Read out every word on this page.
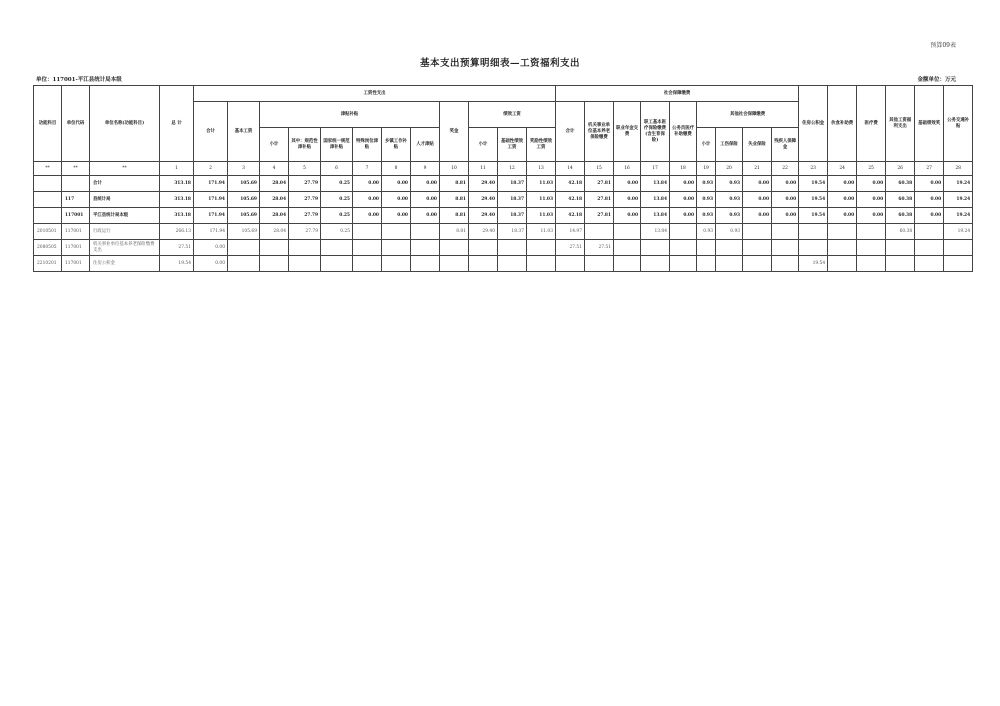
预算09表
基本支出预算明细表—工资福利支出
单位：117001-平江县统计局本级	金额单位：万元
功能科目	单位代码	单位名称(功能科目)	总 计	工资性支出												社会保障缴费									住房公积金	伙食补助费	医疗费	其他工资福利支出	基础绩效奖	公务交通补贴
				合计	基本工资	津贴补贴						奖金	绩效工资			合计	机关事业单位基本养老保险缴费	职业年金交费	职工基本医疗保险缴费(含生育保险)	公务员医疗补助缴费	其他社会保障缴费									
						小计	其中：规范性津补贴	国家统一规范津补贴	特殊岗位津贴	乡镇工作补贴	人才津贴		小计	基础性绩效工资	奖励性绩效工资						小计	工伤保险	失业保险	残疾人保障金						
**	**	**	1	2	3	4	5	6	7	8	9	10	11	12	13	14	15	16	17	18	19	20	21	22	23	24	25	26	27	28
		合计	313.18	171.94	105.69	28.04	27.79	0.25	0.00	0.00	0.00	8.81	29.40	18.37	11.03	42.18	27.81	0.00	13.84	0.00	0.93	0.93	0.00	0.00	19.54	0.00	0.00	60.38	0.00	19.24
	117	县统计局	313.18	171.94	105.69	28.04	27.79	0.25	0.00	0.00	0.00	8.81	29.40	18.37	11.03	42.18	27.81	0.00	13.84	0.00	0.93	0.93	0.00	0.00	19.54	0.00	0.00	60.38	0.00	19.24
	117001	平江县统计局本级	313.18	171.94	105.69	28.04	27.79	0.25	0.00	0.00	0.00	8.81	29.40	18.37	11.03	42.18	27.81	0.00	13.84	0.00	0.93	0.93	0.00	0.00	19.54	0.00	0.00	60.38	0.00	19.24
2010501	117001	行政运行	266.13	171.94	105.69	28.04	27.79	0.25				8.81	29.40	18.37	11.03	14.97			13.84		0.93	0.93						60.38		19.24
2080505	117001	机关事业单位基本养老保险缴费支出	27.51	0.00												27.51	27.51													
2210201	117001	住房公积金	19.54	0.00																					19.54					
